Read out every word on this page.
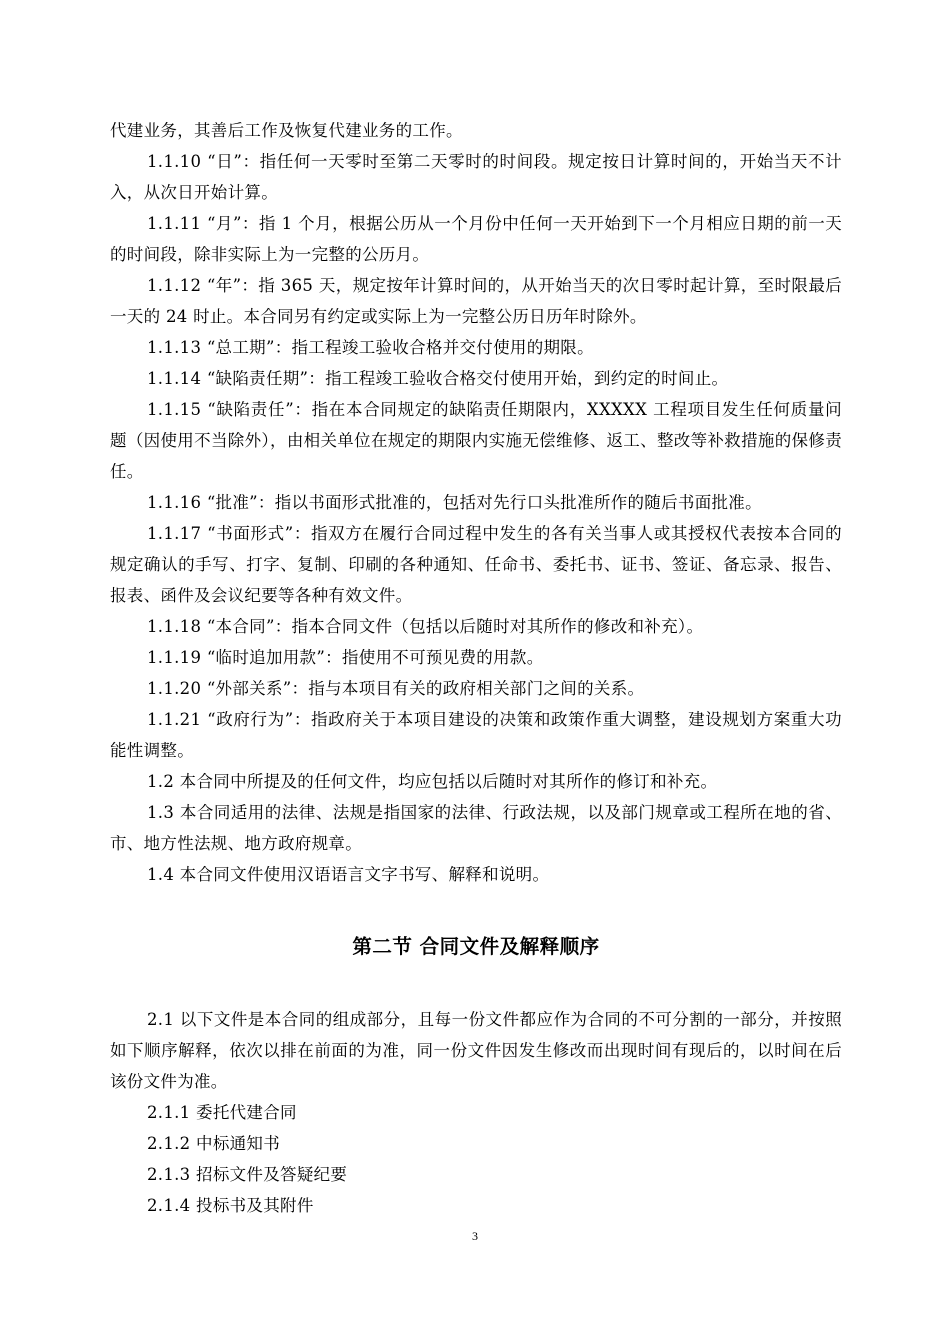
代建业务，其善后工作及恢复代建业务的工作。

1.1.10 “日”：指任何一天零时至第二天零时的时间段。规定按日计算时间的，开始当天不计入，从次日开始计算。

1.1.11 “月”：指 1 个月，根据公历从一个月份中任何一天开始到下一个月相应日期的前一天的时间段，除非实际上为一完整的公历月。

1.1.12 “年”：指 365 天，规定按年计算时间的，从开始当天的次日零时起计算，至时限最后一天的 24 时止。本合同另有约定或实际上为一完整公历日历年时除外。

1.1.13 “总工期”：指工程竣工验收合格并交付使用的期限。

1.1.14 “缺陷责任期”：指工程竣工验收合格交付使用开始，到约定的时间止。

1.1.15 “缺陷责任”：指在本合同规定的缺陷责任期限内，XXXXX 工程项目发生任何质量问题（因使用不当除外），由相关单位在规定的期限内实施无偿维修、返工、整改等补救措施的保修责任。

1.1.16 “批准”：指以书面形式批准的，包括对先行口头批准所作的随后书面批准。

1.1.17 “书面形式”：指双方在履行合同过程中发生的各有关当事人或其授权代表按本合同的规定确认的手写、打字、复制、印刷的各种通知、任命书、委托书、证书、签证、备忘录、报告、报表、函件及会议纪要等各种有效文件。

1.1.18 “本合同”：指本合同文件（包括以后随时对其所作的修改和补充）。

1.1.19 “临时追加用款”：指使用不可预见费的用款。

1.1.20 “外部关系”：指与本项目有关的政府相关部门之间的关系。

1.1.21 “政府行为”：指政府关于本项目建设的决策和政策作重大调整，建设规划方案重大功能性调整。

1.2 本合同中所提及的任何文件，均应包括以后随时对其所作的修订和补充。

1.3 本合同适用的法律、法规是指国家的法律、行政法规，以及部门规章或工程所在地的省、市、地方性法规、地方政府规章。

1.4 本合同文件使用汉语语言文字书写、解释和说明。

第二节 合同文件及解释顺序

2.1 以下文件是本合同的组成部分，且每一份文件都应作为合同的不可分割的一部分，并按照如下顺序解释，依次以排在前面的为准，同一份文件因发生修改而出现时间有现后的，以时间在后该份文件为准。

2.1.1 委托代建合同

2.1.2 中标通知书

2.1.3 招标文件及答疑纪要

2.1.4 投标书及其附件

3
